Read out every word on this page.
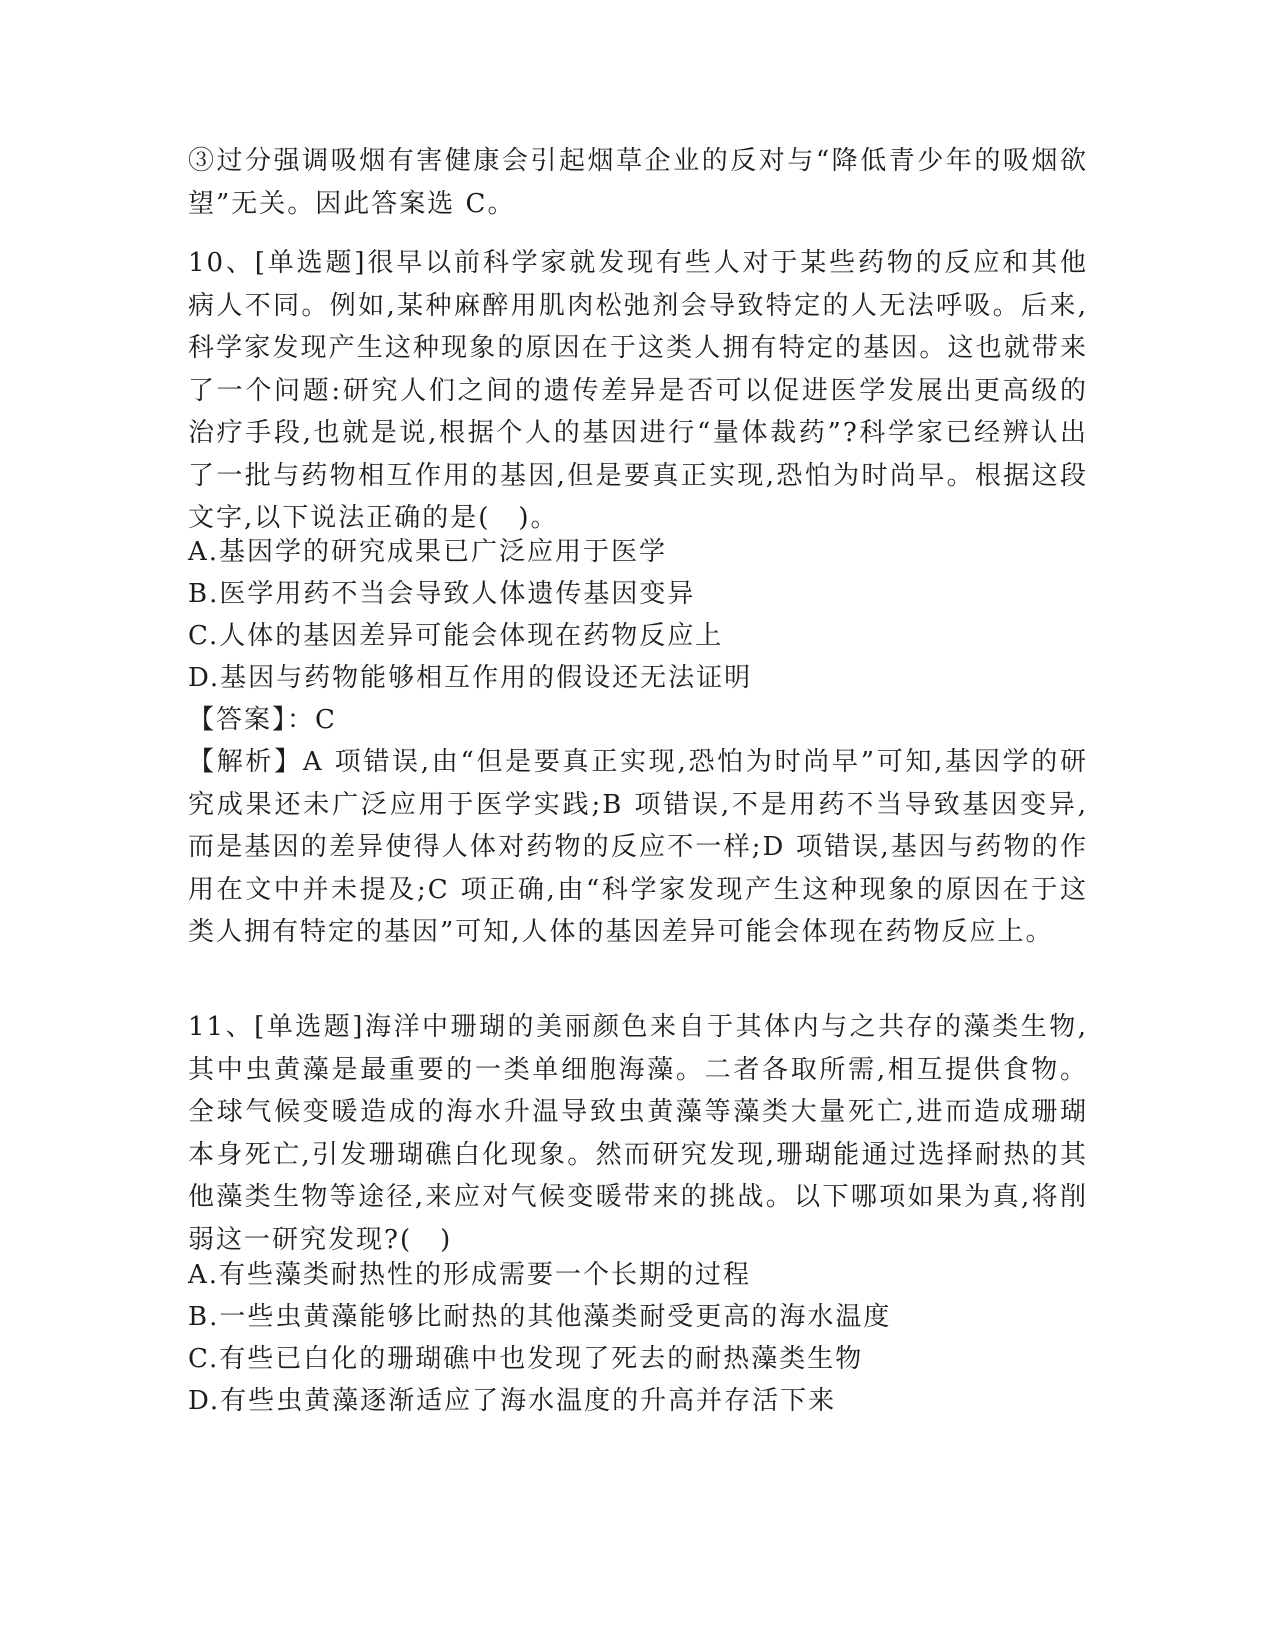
③过分强调吸烟有害健康会引起烟草企业的反对与“降低青少年的吸烟欲望”无关。因此答案选 C。

10、[单选题]很早以前科学家就发现有些人对于某些药物的反应和其他病人不同。例如,某种麻醉用肌肉松弛剂会导致特定的人无法呼吸。后来,科学家发现产生这种现象的原因在于这类人拥有特定的基因。这也就带来了一个问题:研究人们之间的遗传差异是否可以促进医学发展出更高级的治疗手段,也就是说,根据个人的基因进行“量体裁药”?科学家已经辨认出了一批与药物相互作用的基因,但是要真正实现,恐怕为时尚早。根据这段文字,以下说法正确的是(　)。

A.基因学的研究成果已广泛应用于医学

B.医学用药不当会导致人体遗传基因变异

C.人体的基因差异可能会体现在药物反应上

D.基因与药物能够相互作用的假设还无法证明

【答案】：C

【解析】A 项错误,由“但是要真正实现,恐怕为时尚早”可知,基因学的研究成果还未广泛应用于医学实践;B 项错误,不是用药不当导致基因变异,而是基因的差异使得人体对药物的反应不一样;D 项错误,基因与药物的作用在文中并未提及;C 项正确,由“科学家发现产生这种现象的原因在于这类人拥有特定的基因”可知,人体的基因差异可能会体现在药物反应上。

11、[单选题]海洋中珊瑚的美丽颜色来自于其体内与之共存的藻类生物,其中虫黄藻是最重要的一类单细胞海藻。二者各取所需,相互提供食物。全球气候变暖造成的海水升温导致虫黄藻等藻类大量死亡,进而造成珊瑚本身死亡,引发珊瑚礁白化现象。然而研究发现,珊瑚能通过选择耐热的其他藻类生物等途径,来应对气候变暖带来的挑战。以下哪项如果为真,将削弱这一研究发现?(　)

A.有些藻类耐热性的形成需要一个长期的过程

B.一些虫黄藻能够比耐热的其他藻类耐受更高的海水温度

C.有些已白化的珊瑚礁中也发现了死去的耐热藻类生物

D.有些虫黄藻逐渐适应了海水温度的升高并存活下来
